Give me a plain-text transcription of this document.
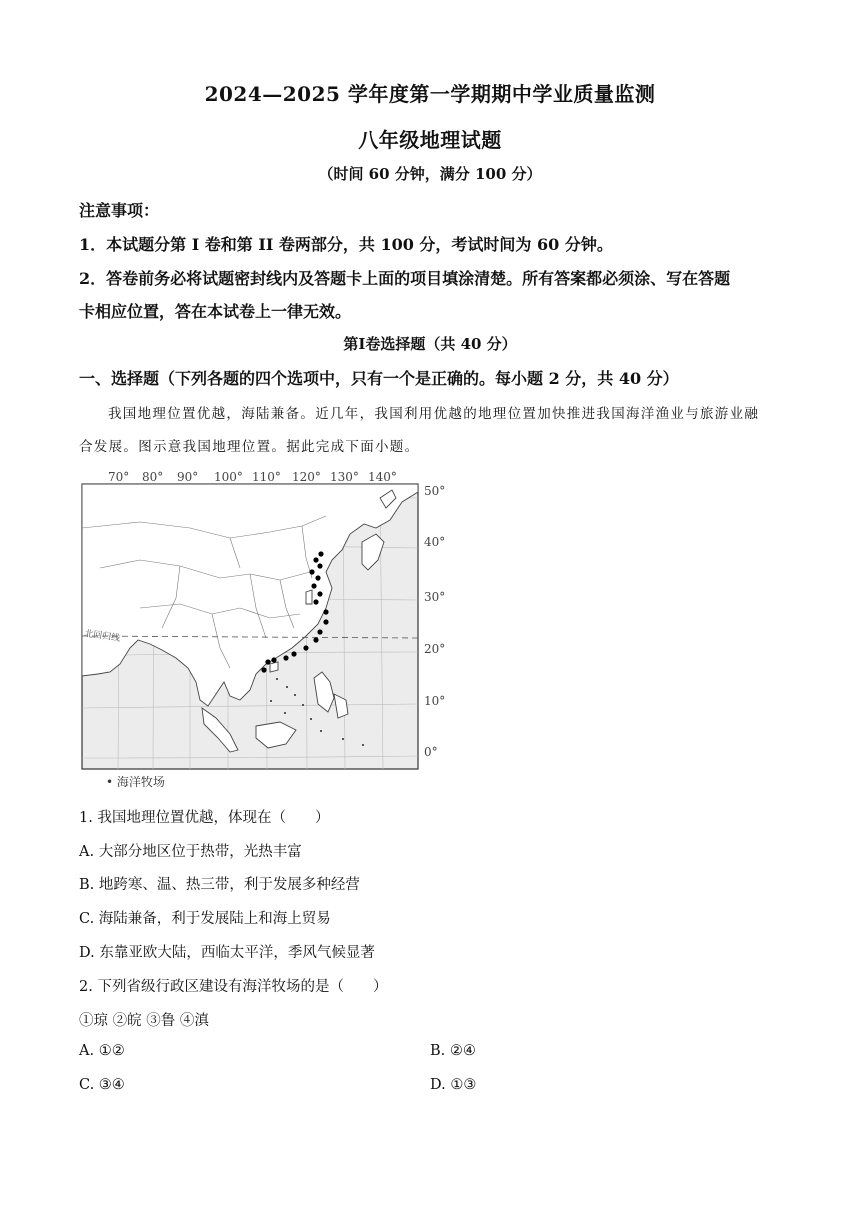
2024—2025 学年度第一学期期中学业质量监测
八年级地理试题
（时间 60 分钟，满分 100 分）
注意事项：
1．本试题分第 I 卷和第 II 卷两部分，共 100 分，考试时间为 60 分钟。
2．答卷前务必将试题密封线内及答题卡上面的项目填涂清楚。所有答案都必须涂、写在答题
卡相应位置，答在本试卷上一律无效。
第Ⅰ卷选择题（共 40 分）
一、选择题（下列各题的四个选项中，只有一个是正确的。每小题 2 分，共 40 分）
我国地理位置优越，海陆兼备。近几年，我国利用优越的地理位置加快推进我国海洋渔业与旅游业融
合发展。图示意我国地理位置。据此完成下面小题。
70° 80° 90° 100° 110° 120° 130° 140°
50°
40°
30°
20°
10°
0°
北回归线
• 海洋牧场
1. 我国地理位置优越，体现在（　　）
A. 大部分地区位于热带，光热丰富
B. 地跨寒、温、热三带，利于发展多种经营
C. 海陆兼备，利于发展陆上和海上贸易
D. 东靠亚欧大陆，西临太平洋，季风气候显著
2. 下列省级行政区建设有海洋牧场的是（　　）
①琼 ②皖 ③鲁 ④滇
A. ①②	B. ②④
C. ③④	D. ①③
